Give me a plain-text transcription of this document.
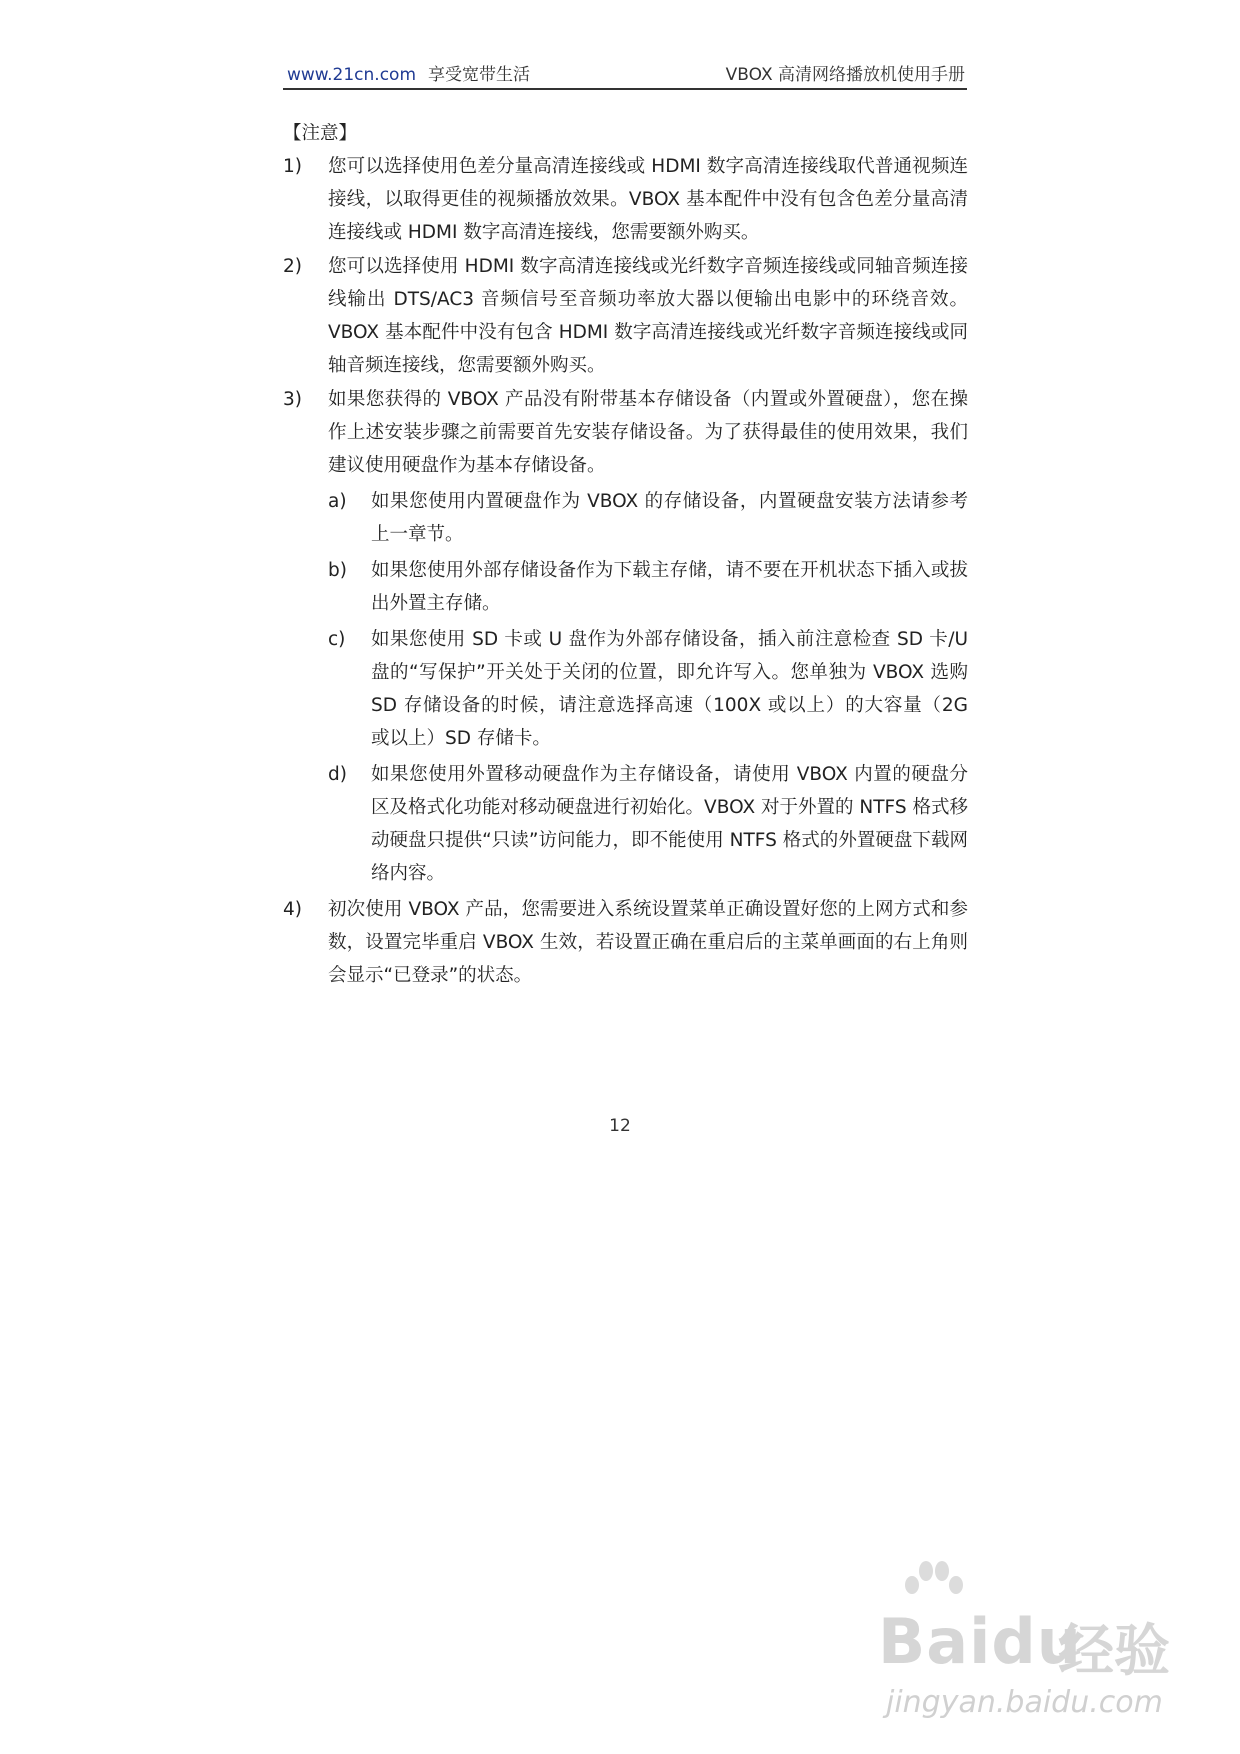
www.21cn.com 享受宽带生活	VBOX 高清网络播放机使用手册
【注意】
1) 您可以选择使用色差分量高清连接线或 HDMI 数字高清连接线取代普通视频连接线，以取得更佳的视频播放效果。VBOX 基本配件中没有包含色差分量高清连接线或 HDMI 数字高清连接线，您需要额外购买。
2) 您可以选择使用 HDMI 数字高清连接线或光纤数字音频连接线或同轴音频连接线输出 DTS/AC3 音频信号至音频功率放大器以便输出电影中的环绕音效。VBOX 基本配件中没有包含 HDMI 数字高清连接线或光纤数字音频连接线或同轴音频连接线，您需要额外购买。
3) 如果您获得的 VBOX 产品没有附带基本存储设备（内置或外置硬盘），您在操作上述安装步骤之前需要首先安装存储设备。为了获得最佳的使用效果，我们建议使用硬盘作为基本存储设备。
a) 如果您使用内置硬盘作为 VBOX 的存储设备，内置硬盘安装方法请参考上一章节。
b) 如果您使用外部存储设备作为下载主存储，请不要在开机状态下插入或拔出外置主存储。
c) 如果您使用 SD 卡或 U 盘作为外部存储设备，插入前注意检查 SD 卡/U 盘的“写保护”开关处于关闭的位置，即允许写入。您单独为 VBOX 选购 SD 存储设备的时候，请注意选择高速（100X 或以上）的大容量（2G 或以上）SD 存储卡。
d) 如果您使用外置移动硬盘作为主存储设备，请使用 VBOX 内置的硬盘分区及格式化功能对移动硬盘进行初始化。VBOX 对于外置的 NTFS 格式移动硬盘只提供“只读”访问能力，即不能使用 NTFS 格式的外置硬盘下载网络内容。
4) 初次使用 VBOX 产品，您需要进入系统设置菜单正确设置好您的上网方式和参数，设置完毕重启 VBOX 生效，若设置正确在重启后的主菜单画面的右上角则会显示“已登录”的状态。
12
Baidu
经验
jingyan.baidu.com
